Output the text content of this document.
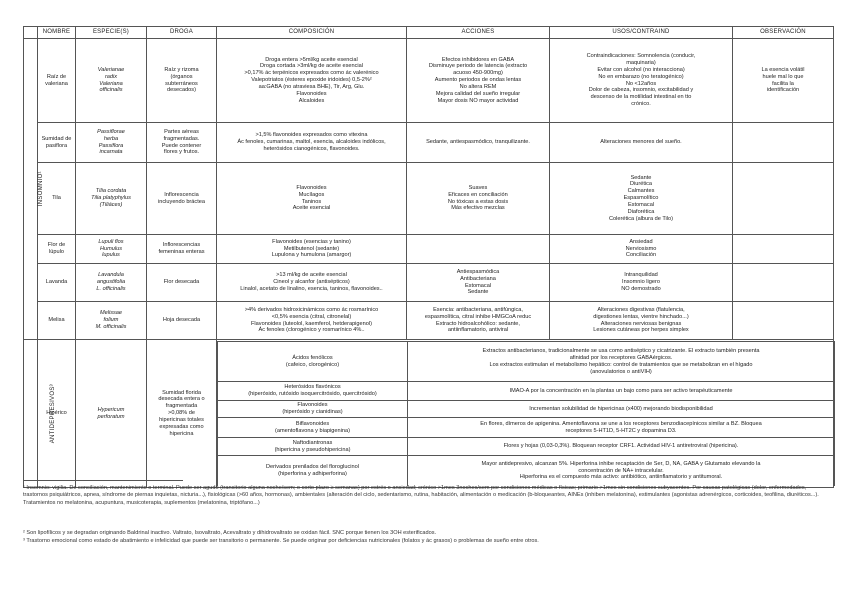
	NOMBRE	ESPECIE(S)	DROGA	COMPOSICIÓN	ACCIONES	USOS/CONTRAIND	OBSERVACIÓN
INSOMNIO¹	Raíz de
valeriana	Valerianae
radix
Valeriana
officinalis	Raíz y rizoma
(órganos
subterráneos
desecados)	Droga entera >5ml/kg aceite esencial
Droga cortada >3ml/kg de aceite esencial
>0,17% ác terpénicos expresados como ác valerénico
Valepotriatos (ésteres epoxide iridoides) 0,5-2%²
aa:GABA (no atraviesa BHE), Tir, Arg, Glu.
Flavonoides
Alcaloides	Efectos inhibidores en GABA
Disminuye periodo de latencia (extracto
acuoso 450-900mg)
Aumento periodos de ondas lentas
No altera REM
Mejora calidad del sueño irregular
Mayor dosis NO mayor actividad	Contraindicaciones: Somnolencia (conducir,
maquinaria)
Evitar con alcohol (no interacciona)
No en embarazo (no teratogénico)
No <12años
Dolor de cabeza, insomnio, excitabilidad y
descenso de la motilidad intestinal en tto
crónico.	La esencia volátil
huele mal lo que
facilita la
identificación
Sumidad de
pasiflora	Passiflorae
herba
Passiflora
incarnata	Partes aéreas
fragmentadas.
Puede contener
flores y frutos.	>1,5% flavonoides expresados como vitexina
Ác fenoles, cumarinas, maltol, esencia, alcaloides indólicos,
heterósidos cianogénicos, flavonoides.	Sedante, antiespasmódico, tranquilizante.	Alteraciones menores del sueño.	
Tila	Tilia cordata
Tilia platyphylus
(Tiliáces)	Inflorescencia
incluyendo bráctea	Flavonoides
Mucílagos
Taninos
Aceite esencial	Suaves
Eficaces en conciliación
No tóxicas a estas dosis
Más efectivo mezclas	Sedante
Diurética
Calmantes
Espasmolítico
Estomacal
Diaforética
Colerética (albura de Tilo)	
Flor de
lúpulo	Lupuli flos
Humulus
lupulus	Inflorescencias
femeninas enteras	Flavonoides (esencias y tanino)
Metilbutenol (sedante)
Lupulona y humulona (amargor)		Ansiedad
Nerviosismo
Conciliación	
Lavanda	Lavandula
angustifolia
L. officinalis	Flor desecada	>13 ml/kg de aceite esencial
Cineol y alcanfor (antisépticos)
Linalol, acetato de linalino, esencia, taninos, flavonoides..	Antiespasmódica
Antibacteriana
Estomacal
Sedante	Intranquilidad
Insomnio ligero
NO demostrado	
Melisa	Melissae
folium
M. officinalis	Hoja desecada	>4% derivados hidroxicinámicos como ác rosmarínico
<0,5% esencia (citral, citronelal)
Flavonoides (luteolol, kaemferol, hetderapigenol)
Ác fenoles (clorogénico y rosmarínico 4%..	Esencia: antibacteriana, antifúngica,
espasmolítica, citral inhibe HMGCoA reduc
Extracto hidroalcohólico: sedante,
antiinflamatorio, antiviral	Alteraciones digestivas (flatulencia,
digestiones lentas, vientre hinchado...)
Alteraciones nerviosas benignas
Lesiones cutáneas por herpes simplex	
ANTIDEPRESIVOS³	Hipérico	Hypericum
perforatum	Sumidad florida
desecada entera o
fragmentada
>0,08% de
hipericinas totales
expresadas como
hipericina	
Ácidos fenólicos
(cafeico, clorogénico)	Extractos antibacterianos, tradicionalmente se usa como antiséptico y cicatrizante. El extracto también presenta
afinidad por los receptores GABAérgicos.
Los extractos estimulan el metabolismo hepático: control de tratamientos que se metabolizan en el hígado
(anovulatorios o antiVIH)
Heterósidos flavónicos
(hiperósido, rutósido isoquercitrósido, quercitrósido)	IMAO-A por la concentración en la plantas un bajo como para ser activo terapéuticamente
Flavonoides
(hiperósido y cianidinas)	Incrementan solubilidad de hipericinas (x400) mejorando biodisponibilidad
Biflavonoides
(amentoflavona y biapigenina)	En flores, dímeros de apigenina. Amentoflavona se une a los receptores benzodiacepínicos similar a BZ. Bloquea
receptores 5-HT1D, 5-HT2C y dopamina D3.
Naftodiantronas
(hipericina y pseudohipericina)	Flores y hojas (0,03-0,3%). Bloquean receptor CRF1. Actividad HIV-1 antiretroviral (hipericina).
Derivados prenilados del floroglucinol
(hiperforina y adhiperforina)	Mayor antidepresivo, alcanzan 5%. Hiperforina inhibe recaptación de Ser, D, NA, GABA y Glutamato elevando la
concentración de NA+ intracelular.
Hiperforina es el compuesto más activo: antibiótico, antiinflamatorio y antitumoral.
¹ Insomnio: vigilia. De conciliación, mantenimiento o terminal. Puede ser agudo (transitorio alguna noche/sem; o corto plazo ≥ semanas) por estrés o ansiedad; crónico >1mes 3noches/sem por condiciones médicas o físicas; primario >1mes sin condiciones subyacentes. Por causas patológicas (dolor, enfermedades, trastornos psiquiátricos, apnea, síndrome de piernas inquietas, nicturia...), fisiológicas (>60 años, hormonas), ambientales (alteración del ciclo, sedentarismo, rutina, habitación, alimentación o medicación (b-bloqueantes, AINEs (inhiben melatonina), estimulantes (agonistas adrenérgicos, corticoides, teofilina, diuréticos...). Tratamientos no melatonina, acupuntura, musicoterapia, suplementos (melatonina, triptófano...)
² Son lipofílicos y se degradan originando Baldrinal inactivo. Valtrato, Isovaltrato, Acevaltrato y dihidrovaltrato se oxidan fácil. SNC porque tienen los 3OH esterificados.
³ Trastorno emocional como estado de abatimiento e infelicidad que puede ser transitorio o permanente. Se puede originar por deficiencias nutricionales (folatos y ác grasos) o problemas de sueño entre otros.
